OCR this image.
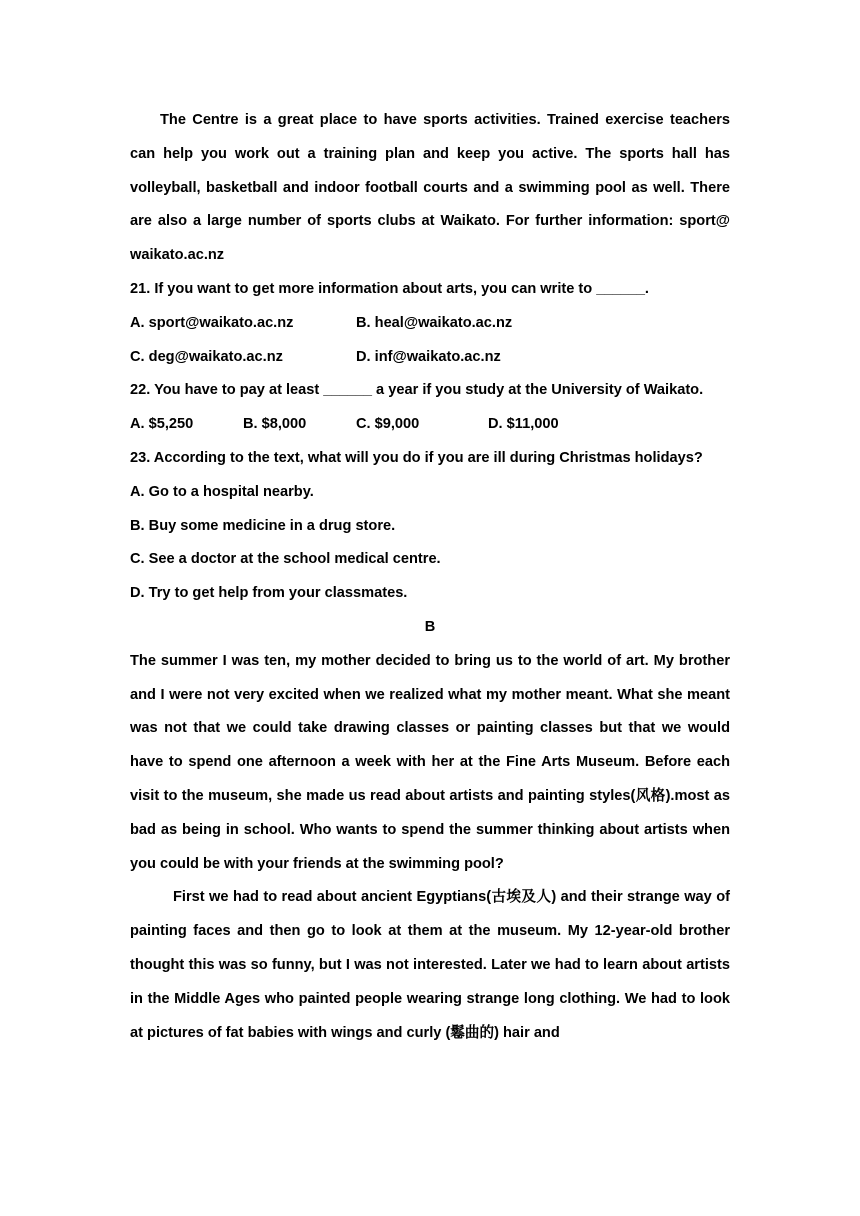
The Centre is a great place to have sports activities. Trained exercise teachers can help you work out a training plan and keep you active. The sports hall has volleyball, basketball and indoor football courts and a swimming pool as well. There are also a large number of sports clubs at Waikato. For further information: sport@ waikato.ac.nz

21. If you want to get more information about arts, you can write to ______.

A. sport@waikato.ac.nz	B. heal@waikato.ac.nz
C. deg@waikato.ac.nz	D. inf@waikato.ac.nz

22. You have to pay at least ______ a year if you study at the University of Waikato.

A. $5,250	B. $8,000	C. $9,000	D. $11,000

23. According to the text, what will you do if you are ill during Christmas holidays?

A. Go to a hospital nearby.

B. Buy some medicine in a drug store.

C. See a doctor at the school medical centre.

D. Try to get help from your classmates.

B

The summer I was ten, my mother decided to bring us to the world of art. My brother and I were not very excited when we realized what my mother meant. What she meant was not that we could take drawing classes or painting classes but that we would have to spend one afternoon a week with her at the Fine Arts Museum. Before each visit to the museum, she made us read about artists and painting styles(风格).most as bad as being in school. Who wants to spend the summer thinking about artists when you could be with your friends at the swimming pool?

First we had to read about ancient Egyptians(古埃及人) and their strange way of painting faces and then go to look at them at the museum. My 12-year-old brother thought this was so funny, but I was not interested. Later we had to learn about artists in the Middle Ages who painted people wearing strange long clothing. We had to look at pictures of fat babies with wings and curly (鬈曲的) hair and
